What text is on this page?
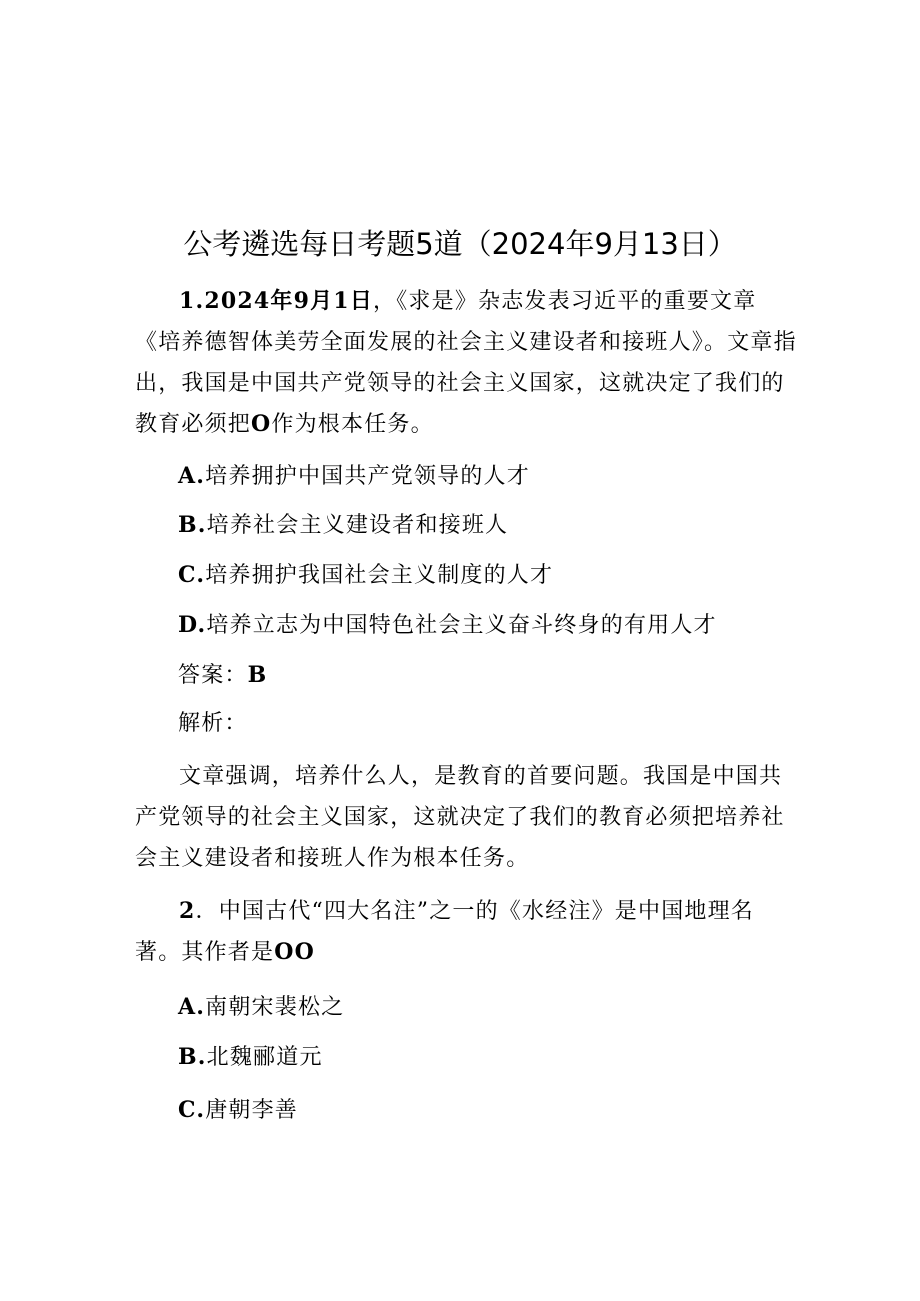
公考遴选每日考题5道（2024年9月13日）

1.2024年9月1日，《求是》杂志发表习近平的重要文章《培养德智体美劳全面发展的社会主义建设者和接班人》。文章指出，我国是中国共产党领导的社会主义国家，这就决定了我们的教育必须把O作为根本任务。

A.培养拥护中国共产党领导的人才
B.培养社会主义建设者和接班人
C.培养拥护我国社会主义制度的人才
D.培养立志为中国特色社会主义奋斗终身的有用人才
答案：B
解析：

文章强调，培养什么人，是教育的首要问题。我国是中国共产党领导的社会主义国家，这就决定了我们的教育必须把培养社会主义建设者和接班人作为根本任务。

2．中国古代“四大名注”之一的《水经注》是中国地理名著。其作者是OO

A.南朝宋裴松之
B.北魏郦道元
C.唐朝李善
